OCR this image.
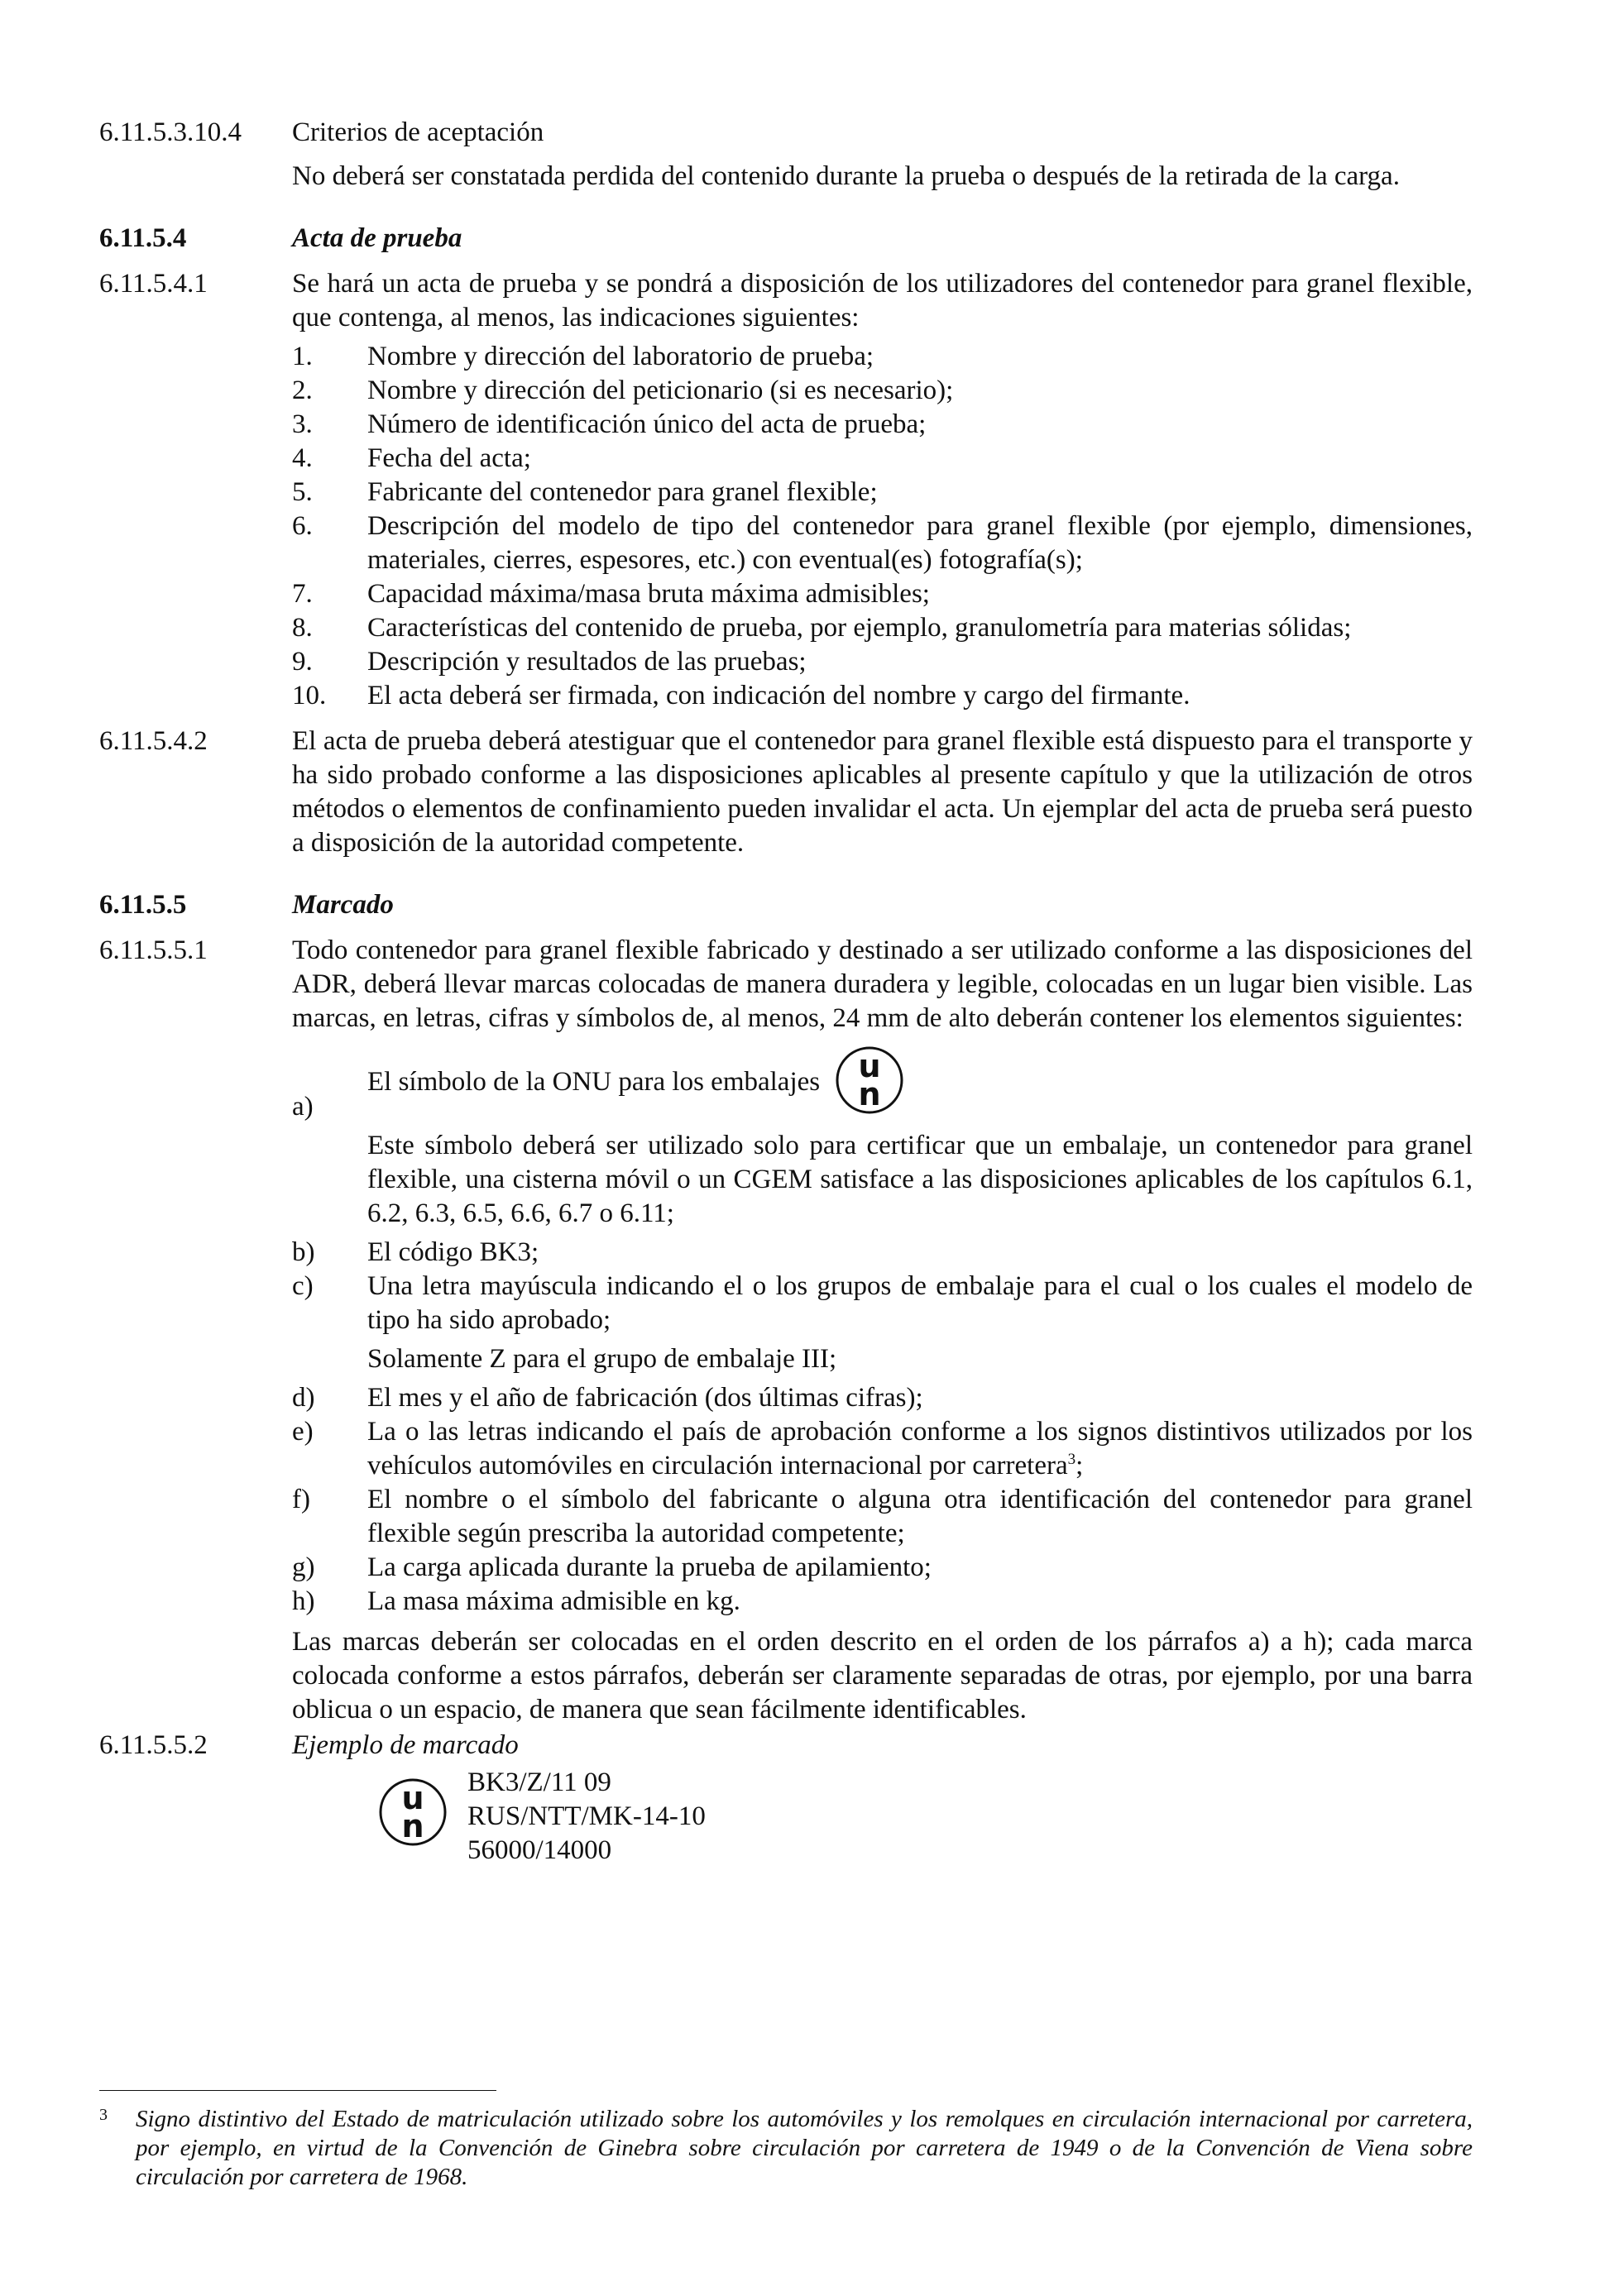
6.11.5.3.10.4	Criterios de aceptación

No deberá ser constatada perdida del contenido durante la prueba o después de la retirada de la carga.

6.11.5.4	Acta de prueba
6.11.5.4.1	Se hará un acta de prueba y se pondrá a disposición de los utilizadores del contenedor para granel flexible, que contenga, al menos, las indicaciones siguientes:

1.	Nombre y dirección del laboratorio de prueba;
2.	Nombre y dirección del peticionario (si es necesario);
3.	Número de identificación único del acta de prueba;
4.	Fecha del acta;
5.	Fabricante del contenedor para granel flexible;
6.	Descripción del modelo de tipo del contenedor para granel flexible (por ejemplo, dimensiones, materiales, cierres, espesores, etc.) con eventual(es) fotografía(s);
7.	Capacidad máxima/masa bruta máxima admisibles;
8.	Características del contenido de prueba, por ejemplo, granulometría para materias sólidas;
9.	Descripción y resultados de las pruebas;
10.	El acta deberá ser firmada, con indicación del nombre y cargo del firmante.
6.11.5.4.2	El acta de prueba deberá atestiguar que el contenedor para granel flexible está dispuesto para el transporte y ha sido probado conforme a las disposiciones aplicables al presente capítulo y que la utilización de otros métodos o elementos de confinamiento pueden invalidar el acta. Un ejemplar del acta de prueba será puesto a disposición de la autoridad competente.

6.11.5.5	Marcado
6.11.5.5.1	Todo contenedor para granel flexible fabricado y destinado a ser utilizado conforme a las disposiciones del ADR, deberá llevar marcas colocadas de manera duradera y legible, colocadas en un lugar bien visible. Las marcas, en letras, cifras y símbolos de, al menos, 24 mm de alto deberán contener los elementos siguientes:

a)
El símbolo de la ONU para los embalajes u
n
Este símbolo deberá ser utilizado solo para certificar que un embalaje, un contenedor para granel flexible, una cisterna móvil o un CGEM satisface a las disposiciones aplicables de los capítulos 6.1, 6.2, 6.3, 6.5, 6.6, 6.7 o 6.11;
b)	El código BK3;
c)	Una letra mayúscula indicando el o los grupos de embalaje para el cual o los cuales el modelo de tipo ha sido aprobado;
Solamente Z para el grupo de embalaje III;
d)	El mes y el año de fabricación (dos últimas cifras);
e)	La o las letras indicando el país de aprobación conforme a los signos distintivos utilizados por los vehículos automóviles en circulación internacional por carretera$^3$;
f)	El nombre o el símbolo del fabricante o alguna otra identificación del contenedor para granel flexible según prescriba la autoridad competente;
g)	La carga aplicada durante la prueba de apilamiento;
h)	La masa máxima admisible en kg.

Las marcas deberán ser colocadas en el orden descrito en el orden de los párrafos a) a h); cada marca colocada conforme a estos párrafos, deberán ser claramente separadas de otras, por ejemplo, por una barra oblicua o un espacio, de manera que sean fácilmente identificables.

6.11.5.5.2	Ejemplo de marcado

u
n
BK3/Z/11 09
RUS/NTT/MK-14-10
56000/14000
3	Signo distintivo del Estado de matriculación utilizado sobre los automóviles y los remolques en circulación internacional por carretera, por ejemplo, en virtud de la Convención de Ginebra sobre circulación por carretera de 1949 o de la Convención de Viena sobre circulación por carretera de 1968.
